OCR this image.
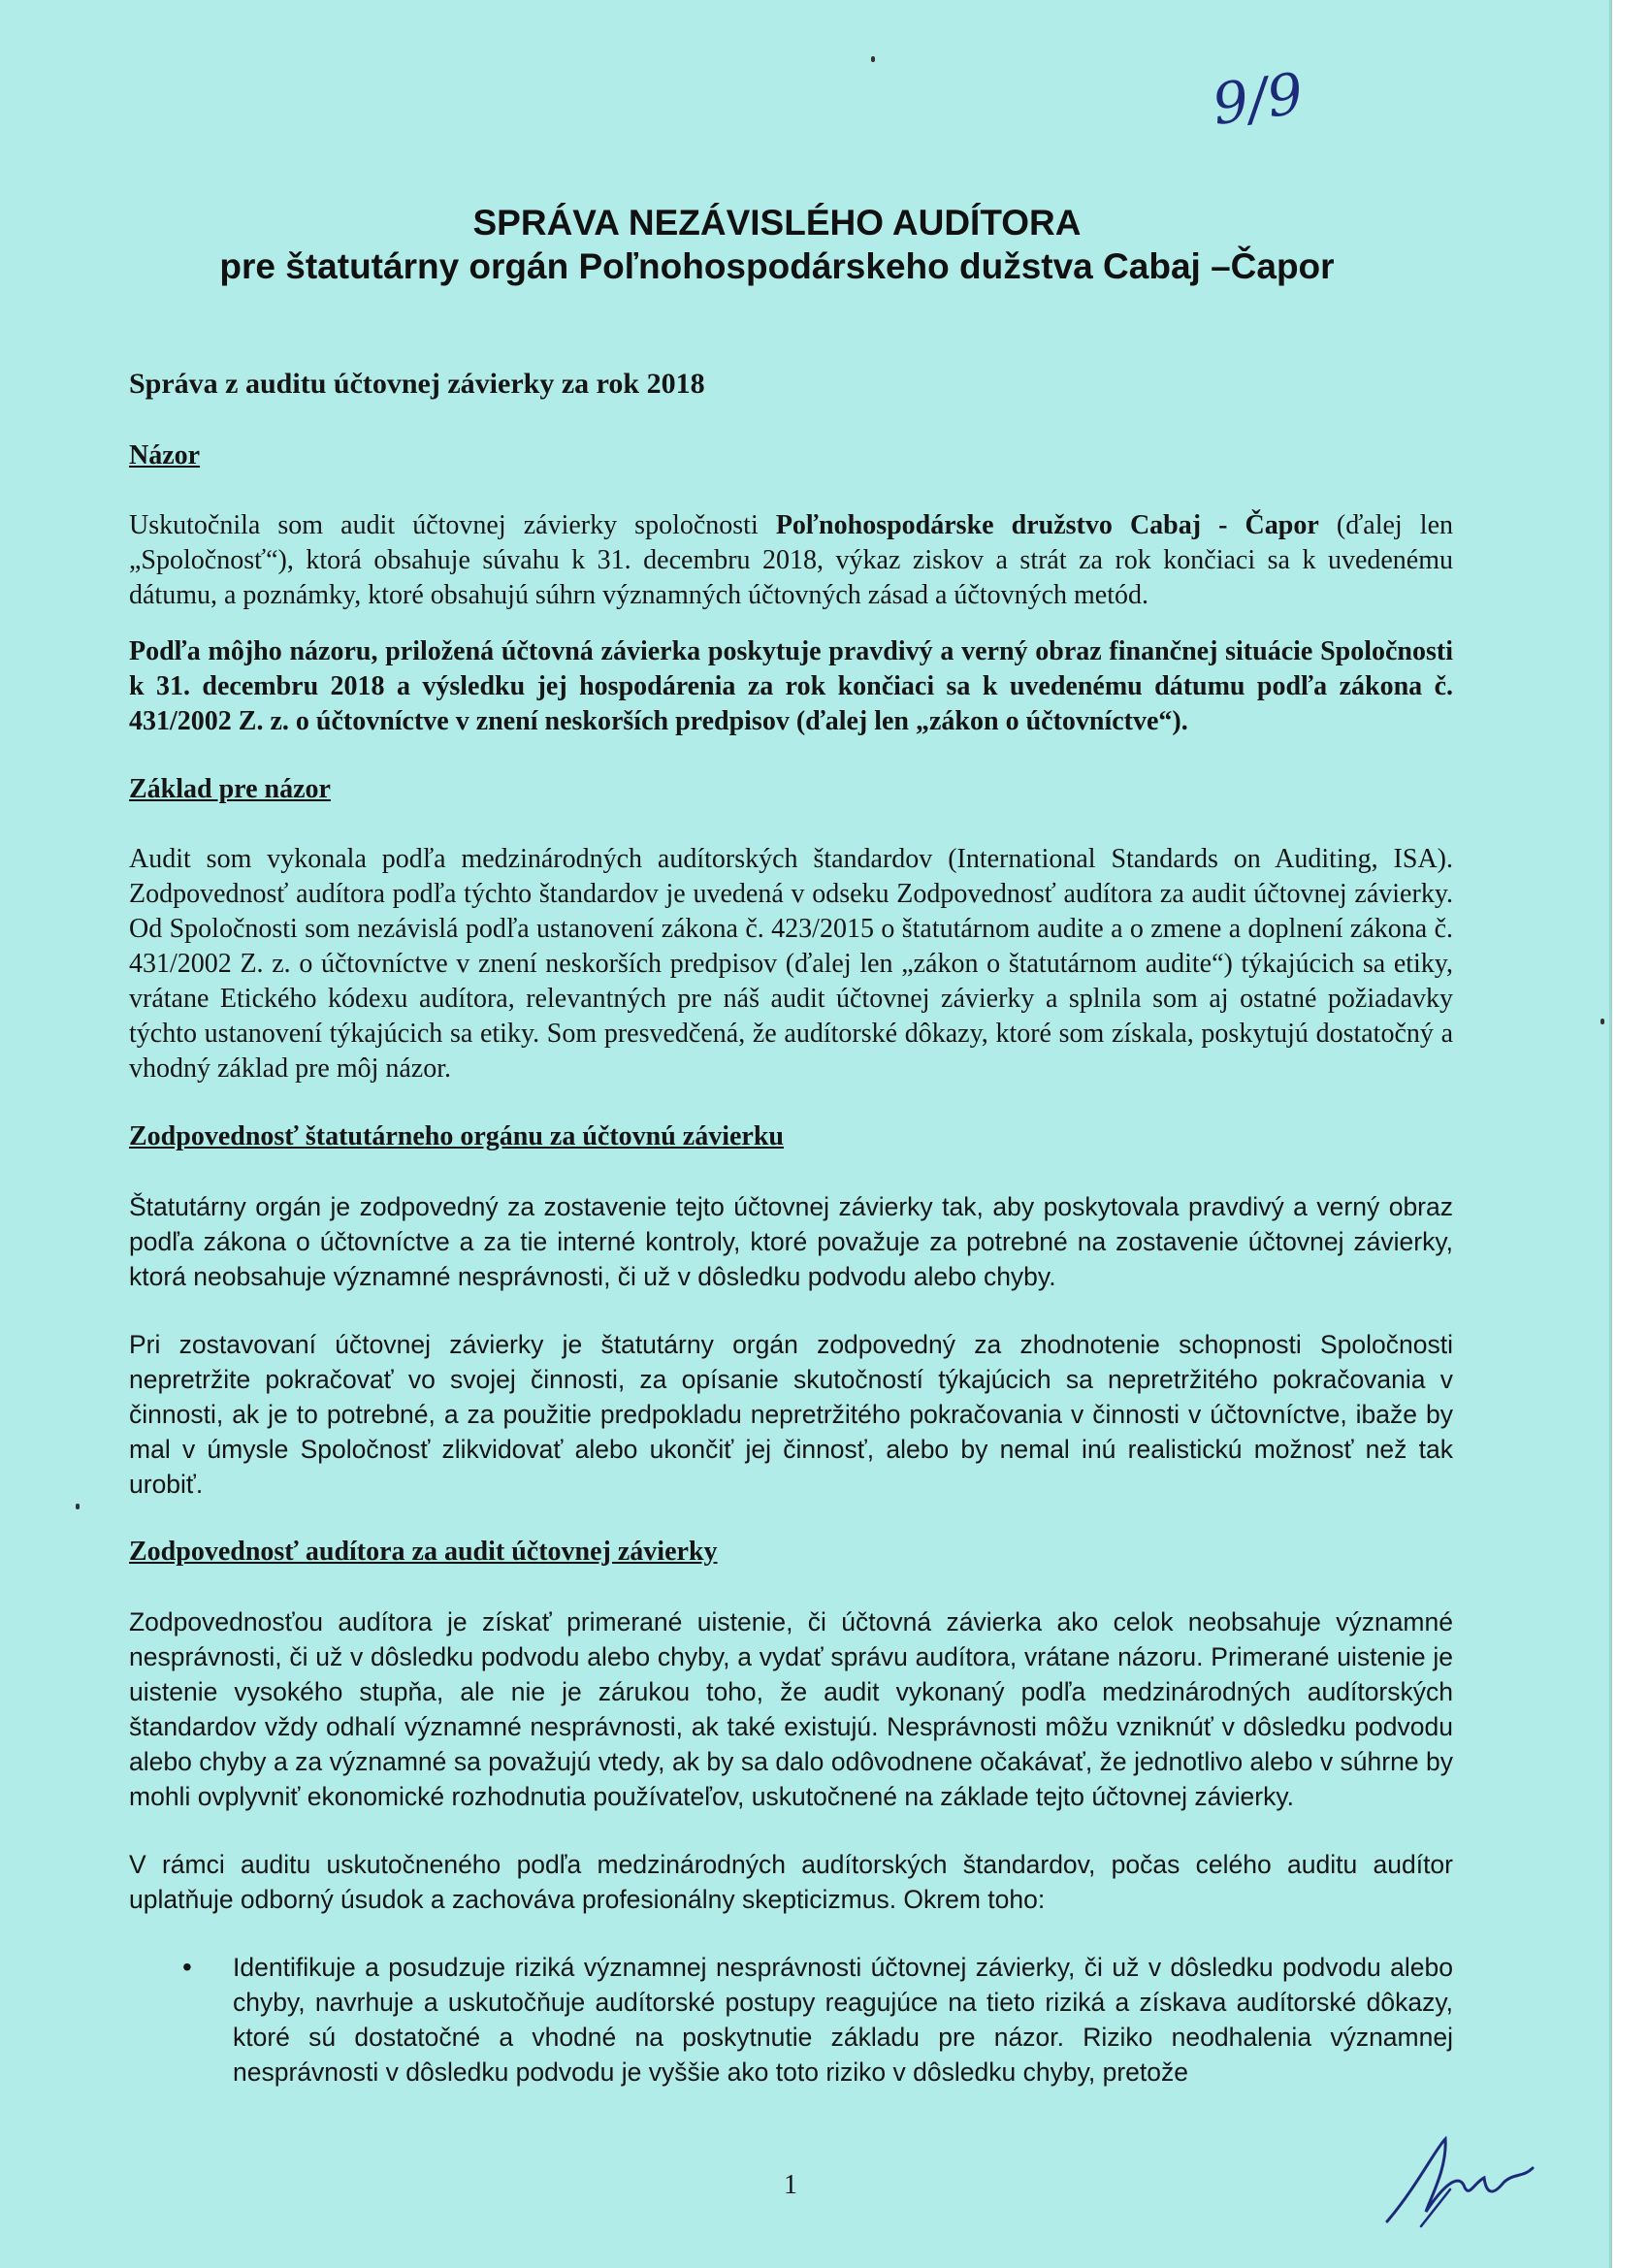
9/9
SPRÁVA NEZÁVISLÉHO AUDÍTORA
pre štatutárny orgán Poľnohospodárskeho dužstva Cabaj –Čapor

Správa z auditu účtovnej závierky za rok 2018

Názor

Uskutočnila som audit účtovnej závierky spoločnosti Poľnohospodárske družstvo Cabaj - Čapor (ďalej len „Spoločnosť“), ktorá obsahuje súvahu k 31. decembru 2018, výkaz ziskov a strát za rok končiaci sa k uvedenému dátumu, a poznámky, ktoré obsahujú súhrn významných účtovných zásad a účtovných metód.

Podľa môjho názoru, priložená účtovná závierka poskytuje pravdivý a verný obraz finančnej situácie Spoločnosti k 31. decembru 2018 a výsledku jej hospodárenia za rok končiaci sa k uvedenému dátumu podľa zákona č. 431/2002 Z. z. o účtovníctve v znení neskorších predpisov (ďalej len „zákon o účtovníctve“).

Základ pre názor

Audit som vykonala podľa medzinárodných audítorských štandardov (International Standards on Auditing, ISA). Zodpovednosť audítora podľa týchto štandardov je uvedená v odseku Zodpovednosť audítora za audit účtovnej závierky. Od Spoločnosti som nezávislá podľa ustanovení zákona č. 423/2015 o štatutárnom audite a o zmene a doplnení zákona č. 431/2002 Z. z. o účtovníctve v znení neskorších predpisov (ďalej len „zákon o štatutárnom audite“) týkajúcich sa etiky, vrátane Etického kódexu audítora, relevantných pre náš audit účtovnej závierky a splnila som aj ostatné požiadavky týchto ustanovení týkajúcich sa etiky. Som presvedčená, že audítorské dôkazy, ktoré som získala, poskytujú dostatočný a vhodný základ pre môj názor.

Zodpovednosť štatutárneho orgánu za účtovnú závierku

Štatutárny orgán je zodpovedný za zostavenie tejto účtovnej závierky tak, aby poskytovala pravdivý a verný obraz podľa zákona o účtovníctve a za tie interné kontroly, ktoré považuje za potrebné na zostavenie účtovnej závierky, ktorá neobsahuje významné nesprávnosti, či už v dôsledku podvodu alebo chyby.

Pri zostavovaní účtovnej závierky je štatutárny orgán zodpovedný za zhodnotenie schopnosti Spoločnosti nepretržite pokračovať vo svojej činnosti, za opísanie skutočností týkajúcich sa nepretržitého pokračovania v činnosti, ak je to potrebné, a za použitie predpokladu nepretržitého pokračovania v činnosti v účtovníctve, ibaže by mal v úmysle Spoločnosť zlikvidovať alebo ukončiť jej činnosť, alebo by nemal inú realistickú možnosť než tak urobiť.

Zodpovednosť audítora za audit účtovnej závierky

Zodpovednosťou audítora je získať primerané uistenie, či účtovná závierka ako celok neobsahuje významné nesprávnosti, či už v dôsledku podvodu alebo chyby, a vydať správu audítora, vrátane názoru. Primerané uistenie je uistenie vysokého stupňa, ale nie je zárukou toho, že audit vykonaný podľa medzinárodných audítorských štandardov vždy odhalí významné nesprávnosti, ak také existujú. Nesprávnosti môžu vzniknúť v dôsledku podvodu alebo chyby a za významné sa považujú vtedy, ak by sa dalo odôvodnene očakávať, že jednotlivo alebo v súhrne by mohli ovplyvniť ekonomické rozhodnutia používateľov, uskutočnené na základe tejto účtovnej závierky.

V rámci auditu uskutočneného podľa medzinárodných audítorských štandardov, počas celého auditu audítor uplatňuje odborný úsudok a zachováva profesionálny skepticizmus. Okrem toho:

• Identifikuje a posudzuje riziká významnej nesprávnosti účtovnej závierky, či už v dôsledku podvodu alebo chyby, navrhuje a uskutočňuje audítorské postupy reagujúce na tieto riziká a získava audítorské dôkazy, ktoré sú dostatočné a vhodné na poskytnutie základu pre názor. Riziko neodhalenia významnej nesprávnosti v dôsledku podvodu je vyššie ako toto riziko v dôsledku chyby, pretože
1
